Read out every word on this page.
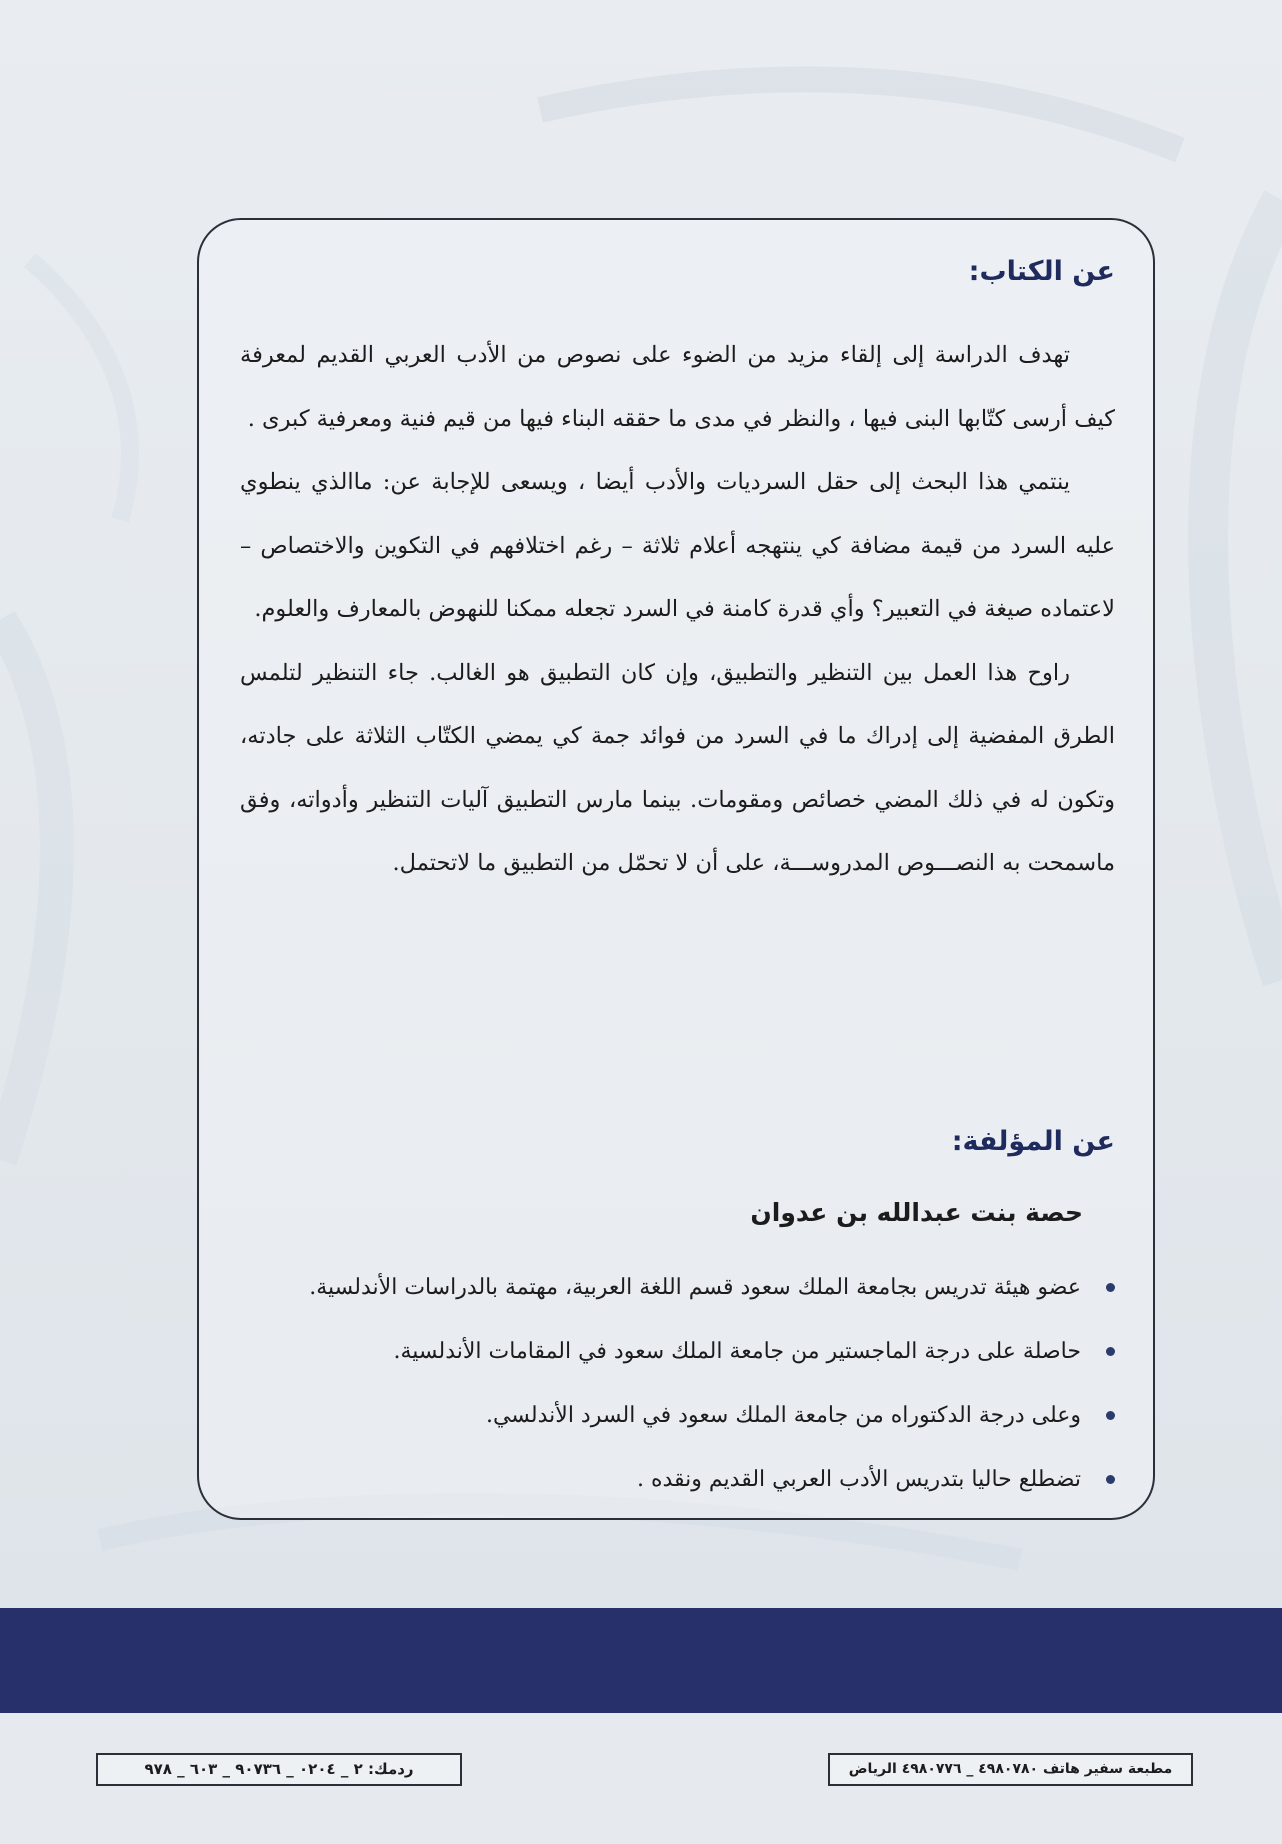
عن الكتاب:

تهدف الدراسة إلى إلقاء مزيد من الضوء على نصوص من الأدب العربي القديم لمعرفة كيف أرسى كتّابها البنى فيها ، والنظر في مدى ما حققه البناء فيها من قيم فنية ومعرفية كبرى .

ينتمي هذا البحث إلى حقل السرديات والأدب أيضا ، ويسعى للإجابة عن: ماالذي ينطوي عليه السرد من قيمة مضافة كي ينتهجه أعلام ثلاثة – رغم اختلافهم في التكوين والاختصاص – لاعتماده صيغة في التعبير؟ وأي قدرة كامنة في السرد تجعله ممكنا للنهوض بالمعارف والعلوم.

راوح هذا العمل بين التنظير والتطبيق، وإن كان التطبيق هو الغالب. جاء التنظير لتلمس الطرق المفضية إلى إدراك ما في السرد من فوائد جمة كي يمضي الكتّاب الثلاثة على جادته، وتكون له في ذلك المضي خصائص ومقومات. بينما مارس التطبيق آليات التنظير وأدواته، وفق ماسمحت به النصـــوص المدروســـة، على أن لا تحمّل من التطبيق ما لاتحتمل.

عن المؤلفة:
حصة بنت عبدالله بن عدوان
عضو هيئة تدريس بجامعة الملك سعود قسم اللغة العربية، مهتمة بالدراسات الأندلسية.
حاصلة على درجة الماجستير من جامعة الملك سعود في المقامات الأندلسية.
وعلى درجة الدكتوراه من جامعة الملك سعود في السرد الأندلسي.
تضطلع حاليا بتدريس الأدب العربي القديم ونقده .
مطبعة سفير هاتف ٤٩٨٠٧٨٠ _ ٤٩٨٠٧٧٦ الرياض
ردمك: ٢ _ ٠٢٠٤ _ ٩٠٧٣٦ _ ٦٠٣ _ ٩٧٨
